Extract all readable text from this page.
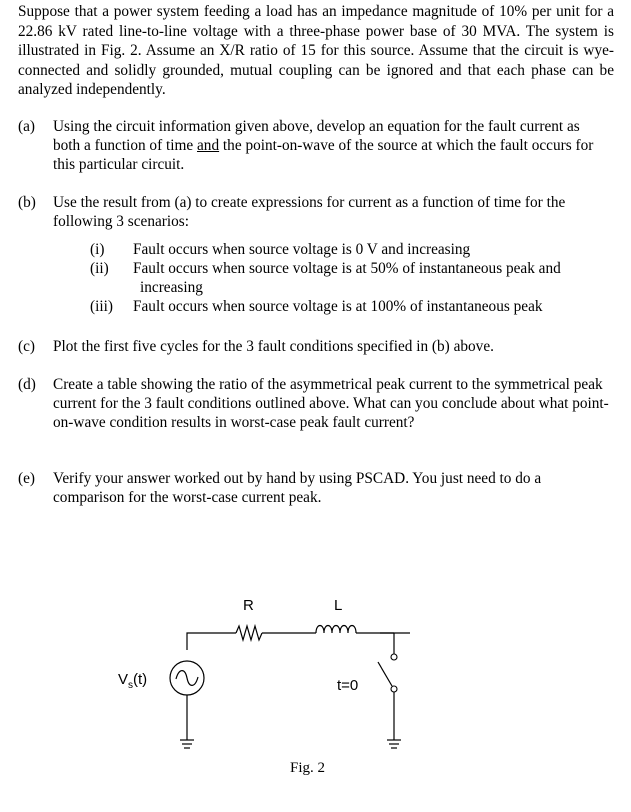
Suppose that a power system feeding a load has an impedance magnitude of 10% per unit for a 22.86 kV rated line-to-line voltage with a three-phase power base of 30 MVA. The system is illustrated in Fig. 2. Assume an X/R ratio of 15 for this source. Assume that the circuit is wye-connected and solidly grounded, mutual coupling can be ignored and that each phase can be analyzed independently.
(a) Using the circuit information given above, develop an equation for the fault current as both a function of time and the point-on-wave of the source at which the fault occurs for this particular circuit.
(b) Use the result from (a) to create expressions for current as a function of time for the following 3 scenarios:
(i) Fault occurs when source voltage is 0 V and increasing
(ii) Fault occurs when source voltage is at 50% of instantaneous peak and
increasing
(iii) Fault occurs when source voltage is at 100% of instantaneous peak
(c) Plot the first five cycles for the 3 fault conditions specified in (b) above.
(d) Create a table showing the ratio of the asymmetrical peak current to the symmetrical peak current for the 3 fault conditions outlined above. What can you conclude about what point-on-wave condition results in worst-case peak fault current?
(e) Verify your answer worked out by hand by using PSCAD. You just need to do a comparison for the worst-case current peak.
R	L
$V_s(t)$	t=0
Fig. 2
